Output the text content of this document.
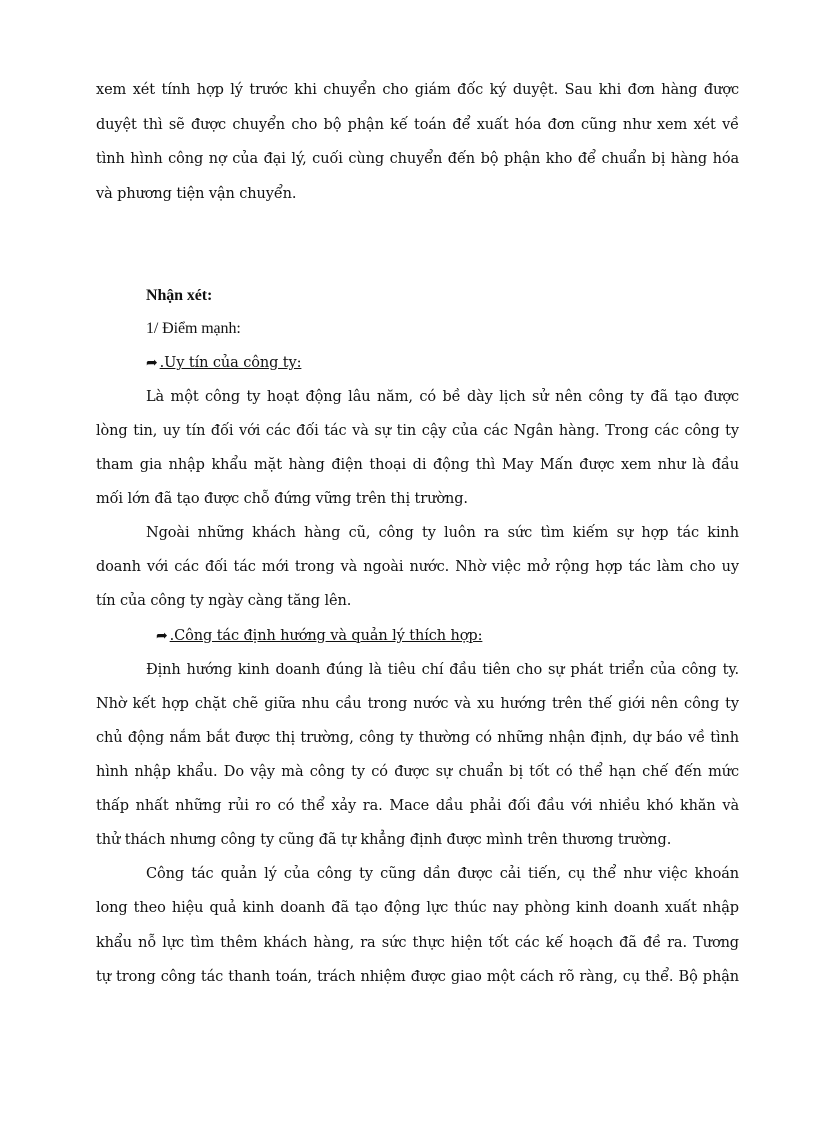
xem xét tính hợp lý trước khi chuyển cho giám đốc ký duyệt. Sau khi đơn hàng được
duyệt thì sẽ được chuyển cho bộ phận kế toán để xuất hóa đơn cũng như xem xét về
tình hình công nợ của đại lý, cuối cùng chuyển đến bộ phận kho để chuẩn bị hàng hóa
và phương tiện vận chuyển.
Nhận xét:
1/ Điểm mạnh:
➦ .Uy tín của công ty:
Là một công ty hoạt động lâu năm, có bề dày lịch sử nên công ty đã tạo được
lòng tin, uy tín đối với các đối tác và sự tin cậy của các Ngân hàng. Trong các công ty
tham gia nhập khẩu mặt hàng điện thoại di động thì May Mấn được xem như là đầu
mối lớn đã tạo được chỗ đứng vững trên thị trường.
Ngoài những khách hàng cũ, công ty luôn ra sức tìm kiếm sự hợp tác kinh
doanh với các đối tác mới trong và ngoài nước. Nhờ việc mở rộng hợp tác làm cho uy
tín của công ty ngày càng tăng lên.
➦ .Công tác định hướng và quản lý thích hợp:
Định hướng kinh doanh đúng là tiêu chí đầu tiên cho sự phát triển của công ty.
Nhờ kết hợp chặt chẽ giữa nhu cầu trong nước và xu hướng trên thế giới nên công ty
chủ động nắm bắt được thị trường, công ty thường có những nhận định, dự báo về tình
hình nhập khẩu. Do vậy mà công ty có được sự chuẩn bị tốt có thể hạn chế đến mức
thấp nhất những rủi ro có thể xảy ra. Mace dầu phải đối đầu với nhiều khó khăn và
thử thách nhưng công ty cũng đã tự khẳng định được mình trên thương trường.
Công tác quản lý của công ty cũng dần được cải tiến, cụ thể như việc khoán
long theo hiệu quả kinh doanh đã tạo động lực thúc nay phòng kinh doanh xuất nhập
khẩu nỗ lực tìm thêm khách hàng, ra sức thực hiện tốt các kế hoạch đã đề ra. Tương
tự trong công tác thanh toán, trách nhiệm được giao một cách rõ ràng, cụ thể. Bộ phận
